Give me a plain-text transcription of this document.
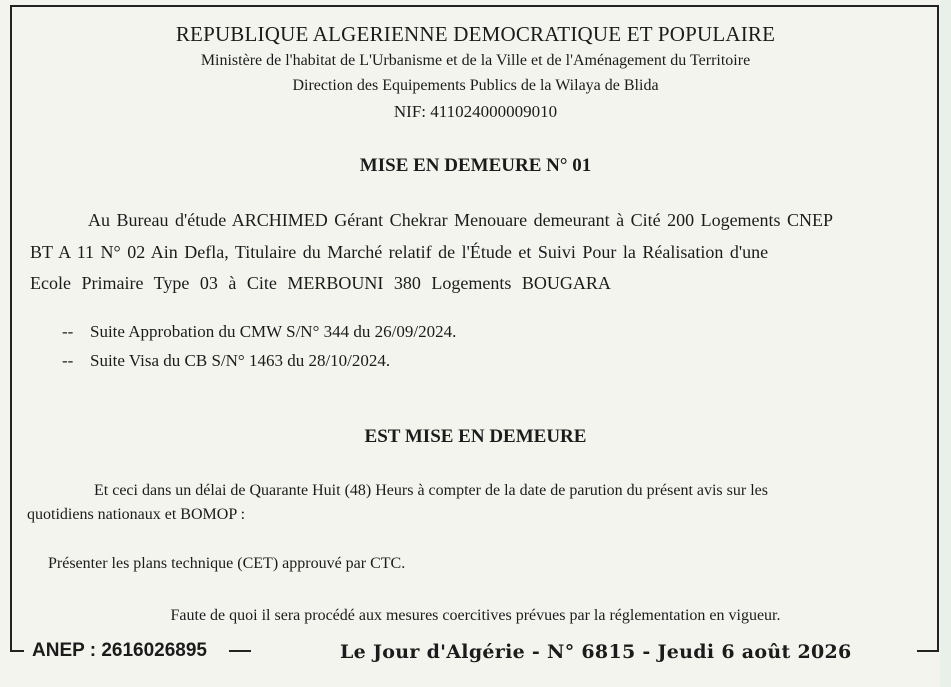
REPUBLIQUE ALGERIENNE DEMOCRATIQUE ET POPULAIRE
Ministère de l'habitat de L'Urbanisme et de la Ville et de l'Aménagement du Territoire
Direction des Equipements Publics de la Wilaya de Blida
NIF: 411024000009010
MISE EN DEMEURE N° 01
Au Bureau d'étude ARCHIMED Gérant Chekrar Menouare demeurant à Cité 200 Logements CNEP
BT A 11 N° 02 Ain Defla, Titulaire du Marché relatif de l'Étude et Suivi Pour la Réalisation d'une
Ecole Primaire Type 03 à Cite MERBOUNI 380 Logements BOUGARA
-- Suite Approbation du CMW S/N° 344 du 26/09/2024.
-- Suite Visa du CB S/N° 1463 du 28/10/2024.
EST MISE EN DEMEURE
Et ceci dans un délai de Quarante Huit (48) Heurs à compter de la date de parution du présent avis sur les
quotidiens nationaux et BOMOP :
Présenter les plans technique (CET) approuvé par CTC.
Faute de quoi il sera procédé aux mesures coercitives prévues par la réglementation en vigueur.
ANEP : 2616026895	Le Jour d'Algérie - N° 6815 - Jeudi 6 août 2026
